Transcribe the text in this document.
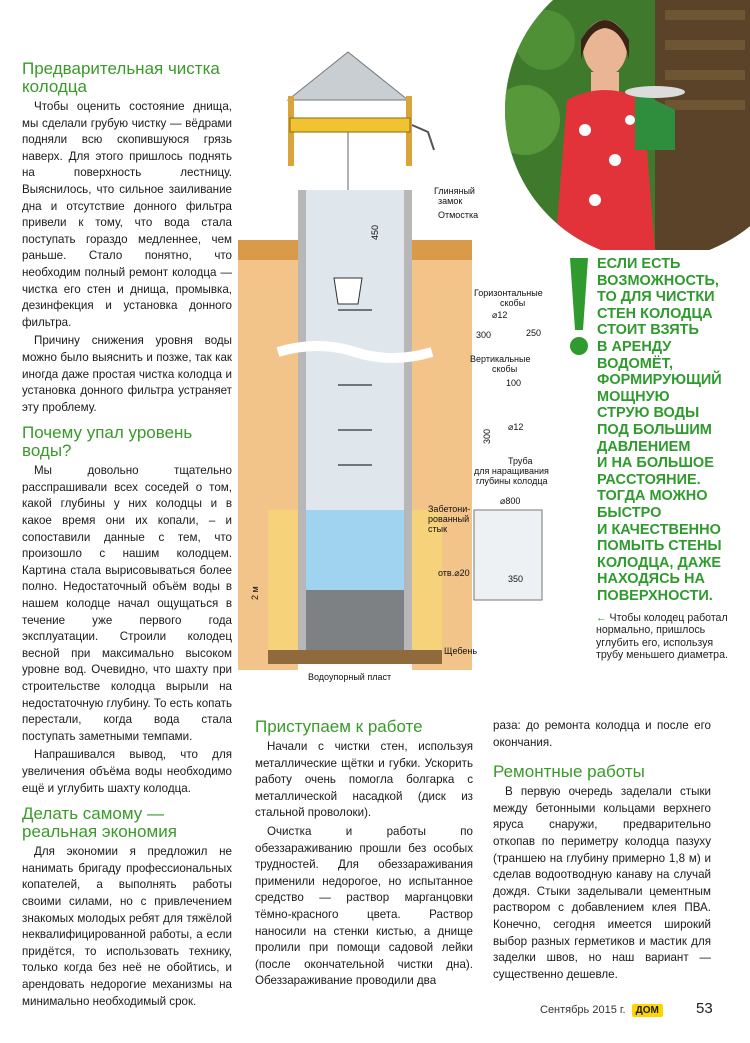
Глиняный
замок
Отмостка
450
Горизонтальные
скобы
⌀12
300	250
Вертикальные
скобы
100
300
⌀12
Труба
для наращивания
глубины колодца
⌀800
Забетони-
рованный
стык
отв.⌀20
350
2 м
Щебень
Водоупорный пласт
Предварительная чистка колодца

Чтобы оценить состояние днища, мы сделали грубую чистку — вёдрами подняли всю скопившуюся грязь наверх. Для этого пришлось поднять на поверхность лестницу. Выяснилось, что сильное заиливание дна и отсутствие донного фильтра привели к тому, что вода стала поступать гораздо медленнее, чем раньше. Стало понятно, что необходим полный ремонт колодца — чистка его стен и днища, промывка, дезинфекция и установка донного фильтра.

Причину снижения уровня воды можно было выяснить и позже, так как иногда даже простая чистка колодца и установка донного фильтра устраняет эту проблему.

Почему упал уровень воды?

Мы довольно тщательно расспрашивали всех соседей о том, какой глубины у них колодцы и в какое время они их копали, – и сопоставили данные с тем, что произошло с нашим колодцем. Картина стала вырисовываться более полно. Недостаточный объём воды в нашем колодце начал ощущаться в течение уже первого года эксплуатации. Строили колодец весной при максимально высоком уровне вод. Очевидно, что шахту при строительстве колодца вырыли на недостаточную глубину. То есть копать перестали, когда вода стала поступать заметными темпами.

Напрашивался вывод, что для увеличения объёма воды необходимо ещё и углубить шахту колодца.

Делать самому — реальная экономия

Для экономии я предложил не нанимать бригаду профессиональных копателей, а выполнять работы своими силами, но с привлечением знакомых молодых ребят для тяжёлой неквалифицированной работы, а если придётся, то использовать технику, только когда без неё не обойтись, и арендовать недорогие механизмы на минимально необходимый срок.

Приступаем к работе

Начали с чистки стен, используя металлические щётки и губки. Ускорить работу очень помогла болгарка с металлической насадкой (диск из стальной проволоки).

Очистка и работы по обеззараживанию прошли без особых трудностей. Для обеззараживания применили недорогое, но испытанное средство — раствор марганцовки тёмно-красного цвета. Раствор наносили на стенки кистью, а днище пролили при помощи садовой лейки (после окончательной чистки дна). Обеззараживание проводили два

раза: до ремонта колодца и после его окончания.

Ремонтные работы

В первую очередь заделали стыки между бетонными кольцами верхнего яруса снаружи, предварительно откопав по периметру колодца пазуху (траншею на глубину примерно 1,8 м) и сделав водоотводную канаву на случай дождя. Стыки заделывали цементным раствором с добавлением клея ПВА. Конечно, сегодня имеется широкий выбор разных герметиков и мастик для заделки швов, но наш вариант — существенно дешевле.

ЕСЛИ ЕСТЬ
ВОЗМОЖНОСТЬ,
ТО ДЛЯ ЧИСТКИ
СТЕН КОЛОДЦА
СТОИТ ВЗЯТЬ
В АРЕНДУ
ВОДОМЁТ,
ФОРМИРУЮЩИЙ
МОЩНУЮ
СТРУЮ ВОДЫ
ПОД БОЛЬШИМ
ДАВЛЕНИЕМ
И НА БОЛЬШОЕ
РАССТОЯНИЕ.
ТОГДА МОЖНО
БЫСТРО
И КАЧЕСТВЕННО
ПОМЫТЬ СТЕНЫ
КОЛОДЦА, ДАЖЕ
НАХОДЯСЬ НА
ПОВЕРХНОСТИ.
← Чтобы колодец работал нормально, пришлось углубить его, используя трубу меньшего диаметра.
Сентябрь 2015 г. ДОМ 53
